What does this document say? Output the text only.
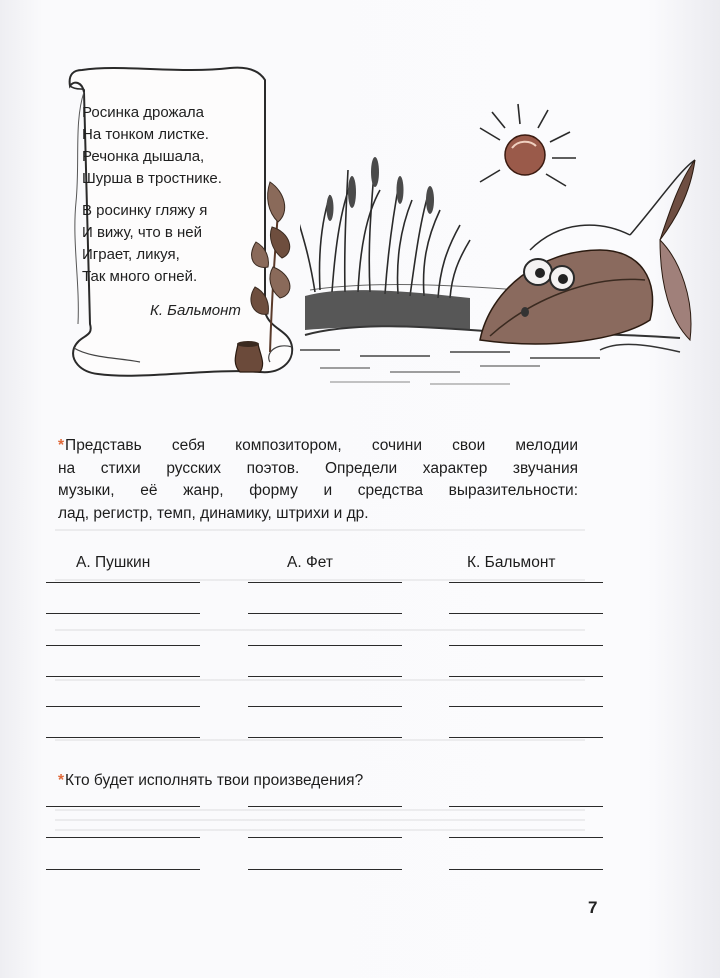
Росинка дрожала
На тонком листке.
Речонка дышала,
Шурша в тростнике.
В росинку гляжу я
И вижу, что в ней
Играет, ликуя,
Так много огней.
К. Бальмонт
*Представь себя композитором, сочини свои мелодии
на стихи русских поэтов. Определи характер звучания
музыки, её жанр, форму и средства выразительности:
лад, регистр, темп, динамику, штрихи и др.
А. Пушкин	А. Фет	К. Бальмонт
*Кто будет исполнять твои произведения?
7
